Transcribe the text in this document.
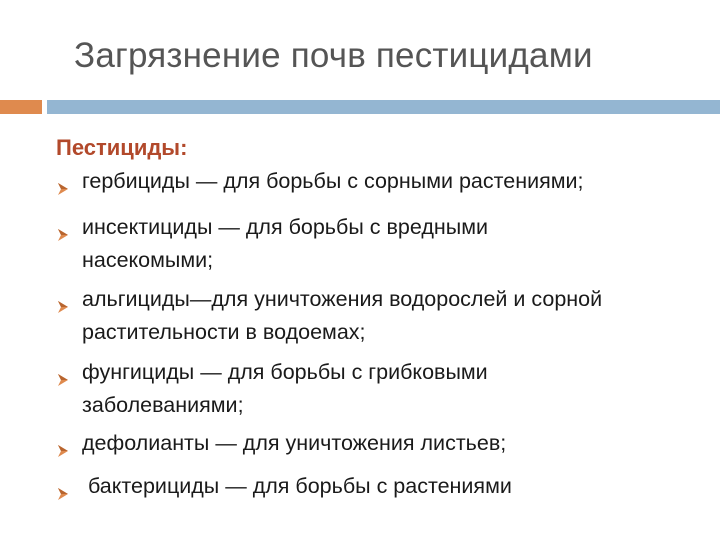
Загрязнение почв пестицидами
Пестициды:
гербициды — для борьбы с сорными растениями;
инсектициды — для борьбы с вредными
насекомыми;
альгициды—для уничтожения водорослей и сорной
растительности в водоемах;
фунгициды — для борьбы с грибковыми
заболеваниями;
дефолианты — для уничтожения листьев;
бактерициды — для борьбы с растениями
